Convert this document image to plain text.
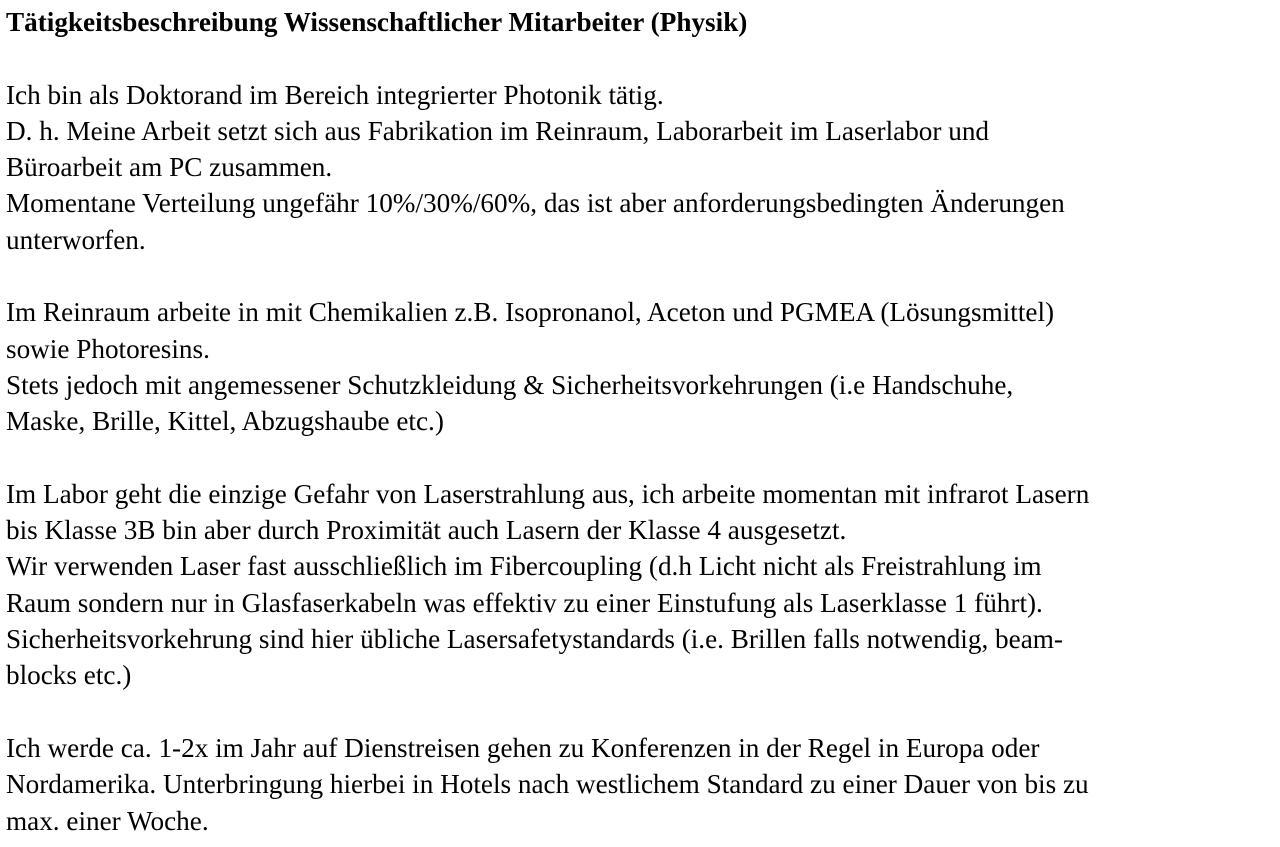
Tätigkeitsbeschreibung Wissenschaftlicher Mitarbeiter (Physik)

Ich bin als Doktorand im Bereich integrierter Photonik tätig.
D. h. Meine Arbeit setzt sich aus Fabrikation im Reinraum, Laborarbeit im Laserlabor und
Büroarbeit am PC zusammen.
Momentane Verteilung ungefähr 10%/30%/60%, das ist aber anforderungsbedingten Änderungen
unterworfen.

Im Reinraum arbeite in mit Chemikalien z.B. Isopronanol, Aceton und PGMEA (Lösungsmittel)
sowie Photoresins.
Stets jedoch mit angemessener Schutzkleidung & Sicherheitsvorkehrungen (i.e Handschuhe,
Maske, Brille, Kittel, Abzugshaube etc.)

Im Labor geht die einzige Gefahr von Laserstrahlung aus, ich arbeite momentan mit infrarot Lasern
bis Klasse 3B bin aber durch Proximität auch Lasern der Klasse 4 ausgesetzt.
Wir verwenden Laser fast ausschließlich im Fibercoupling (d.h Licht nicht als Freistrahlung im
Raum sondern nur in Glasfaserkabeln was effektiv zu einer Einstufung als Laserklasse 1 führt).
Sicherheitsvorkehrung sind hier übliche Lasersafetystandards (i.e. Brillen falls notwendig, beam-
blocks etc.)

Ich werde ca. 1-2x im Jahr auf Dienstreisen gehen zu Konferenzen in der Regel in Europa oder
Nordamerika. Unterbringung hierbei in Hotels nach westlichem Standard zu einer Dauer von bis zu
max. einer Woche.
